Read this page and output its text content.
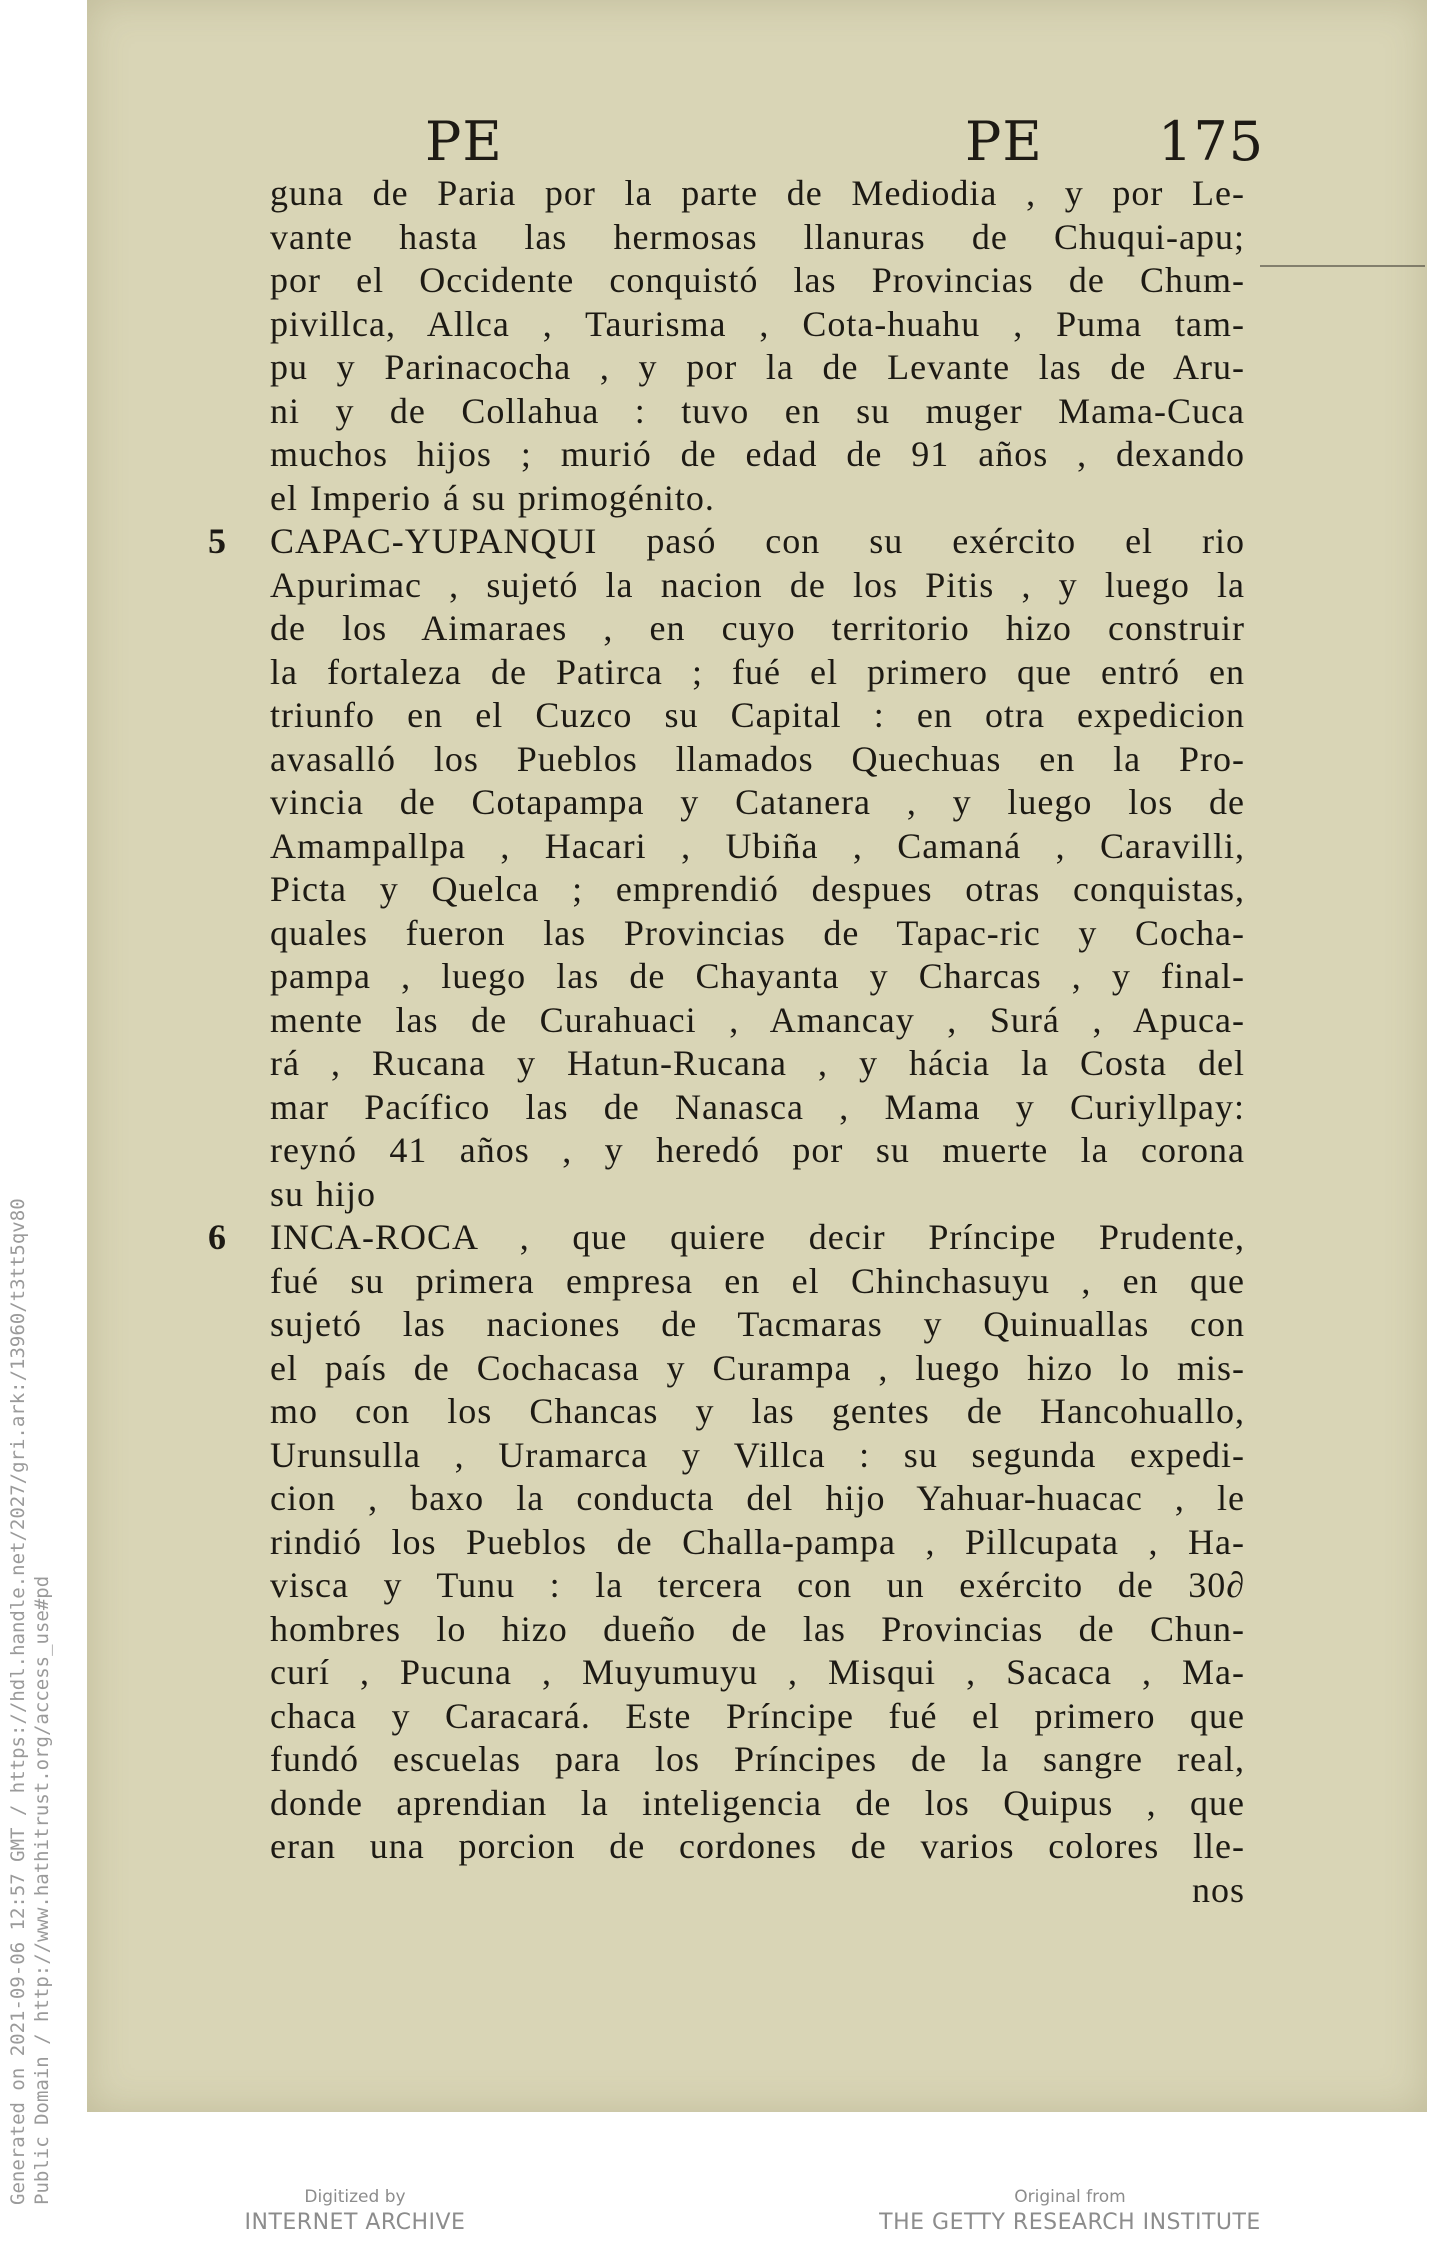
PE	PE 175
guna de Paria por la parte de Mediodia , y por Le-
vante hasta las hermosas llanuras de Chuqui-apu;
por el Occidente conquistó las Provincias de Chum-
pivillca, Allca , Taurisma , Cota-huahu , Puma tam-
pu y Parinacocha , y por la de Levante las de Aru-
ni y de Collahua : tuvo en su muger Mama-Cuca
muchos hijos ; murió de edad de 91 años , dexando
el Imperio á su primogénito.
5 CAPAC-YUPANQUI pasó con su exército el rio
Apurimac , sujetó la nacion de los Pitis , y luego la
de los Aimaraes , en cuyo territorio hizo construir
la fortaleza de Patirca ; fué el primero que entró en
triunfo en el Cuzco su Capital : en otra expedicion
avasalló los Pueblos llamados Quechuas en la Pro-
vincia de Cotapampa y Catanera , y luego los de
Amampallpa , Hacari , Ubiña , Camaná , Caravilli,
Picta y Quelca ; emprendió despues otras conquistas,
quales fueron las Provincias de Tapac-ric y Cocha-
pampa , luego las de Chayanta y Charcas , y final-
mente las de Curahuaci , Amancay , Surá , Apuca-
rá , Rucana y Hatun-Rucana , y hácia la Costa del
mar Pacífico las de Nanasca , Mama y Curiyllpay:
reynó 41 años , y heredó por su muerte la corona
su hijo
6 INCA-ROCA , que quiere decir Príncipe Prudente,
fué su primera empresa en el Chinchasuyu , en que
sujetó las naciones de Tacmaras y Quinuallas con
el país de Cochacasa y Curampa , luego hizo lo mis-
mo con los Chancas y las gentes de Hancohuallo,
Urunsulla , Uramarca y Villca : su segunda expedi-
cion , baxo la conducta del hijo Yahuar-huacac , le
rindió los Pueblos de Challa-pampa , Pillcupata , Ha-
visca y Tunu : la tercera con un exército de 30∂
hombres lo hizo dueño de las Provincias de Chun-
curí , Pucuna , Muyumuyu , Misqui , Sacaca , Ma-
chaca y Caracará. Este Príncipe fué el primero que
fundó escuelas para los Príncipes de la sangre real,
donde aprendian la inteligencia de los Quipus , que
eran una porcion de cordones de varios colores lle-
nos
Generated on 2021-09-06 12:57 GMT / https://hdl.handle.net/2027/gri.ark:/13960/t3tt5qv80 Public Domain / http://www.hathitrust.org/access_use#pd	Digitized by
INTERNET ARCHIVE
Original from
THE GETTY RESEARCH INSTITUTE
